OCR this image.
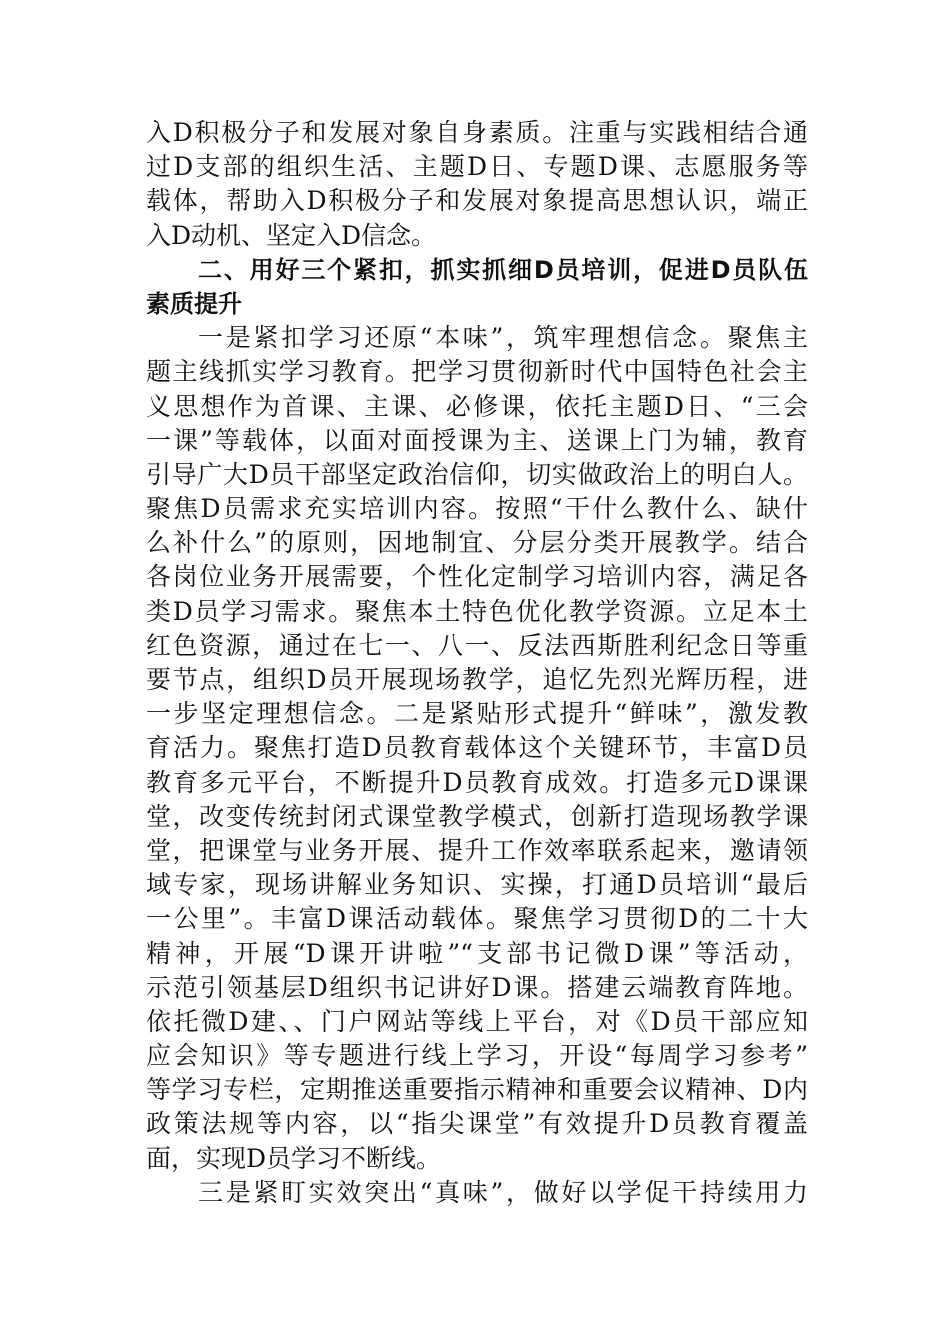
入D积极分子和发展对象自身素质。注重与实践相结合通
过D支部的组织生活、主题D日、专题D课、志愿服务等
载体，帮助入D积极分子和发展对象提高思想认识，端正
入D动机、坚定入D信念。
二、用好三个紧扣，抓实抓细D员培训，促进D员队伍
素质提升
一是紧扣学习还原“本味”，筑牢理想信念。聚焦主
题主线抓实学习教育。把学习贯彻新时代中国特色社会主
义思想作为首课、主课、必修课，依托主题D日、“三会
一课”等载体，以面对面授课为主、送课上门为辅，教育
引导广大D员干部坚定政治信仰，切实做政治上的明白人。
聚焦D员需求充实培训内容。按照“干什么教什么、缺什
么补什么”的原则，因地制宜、分层分类开展教学。结合
各岗位业务开展需要，个性化定制学习培训内容，满足各
类D员学习需求。聚焦本土特色优化教学资源。立足本土
红色资源，通过在七一、八一、反法西斯胜利纪念日等重
要节点，组织D员开展现场教学，追忆先烈光辉历程，进
一步坚定理想信念。二是紧贴形式提升“鲜味”，激发教
育活力。聚焦打造D员教育载体这个关键环节，丰富D员
教育多元平台，不断提升D员教育成效。打造多元D课课
堂，改变传统封闭式课堂教学模式，创新打造现场教学课
堂，把课堂与业务开展、提升工作效率联系起来，邀请领
域专家，现场讲解业务知识、实操，打通D员培训“最后
一公里”。丰富D课活动载体。聚焦学习贯彻D的二十大
精神，开展“D课开讲啦”“支部书记微D课”等活动，
示范引领基层D组织书记讲好D课。搭建云端教育阵地。
依托微D建、、门户网站等线上平台，对《D员干部应知
应会知识》等专题进行线上学习，开设“每周学习参考”
等学习专栏，定期推送重要指示精神和重要会议精神、D内
政策法规等内容，以“指尖课堂”有效提升D员教育覆盖
面，实现D员学习不断线。
三是紧盯实效突出“真味”，做好以学促干持续用力
